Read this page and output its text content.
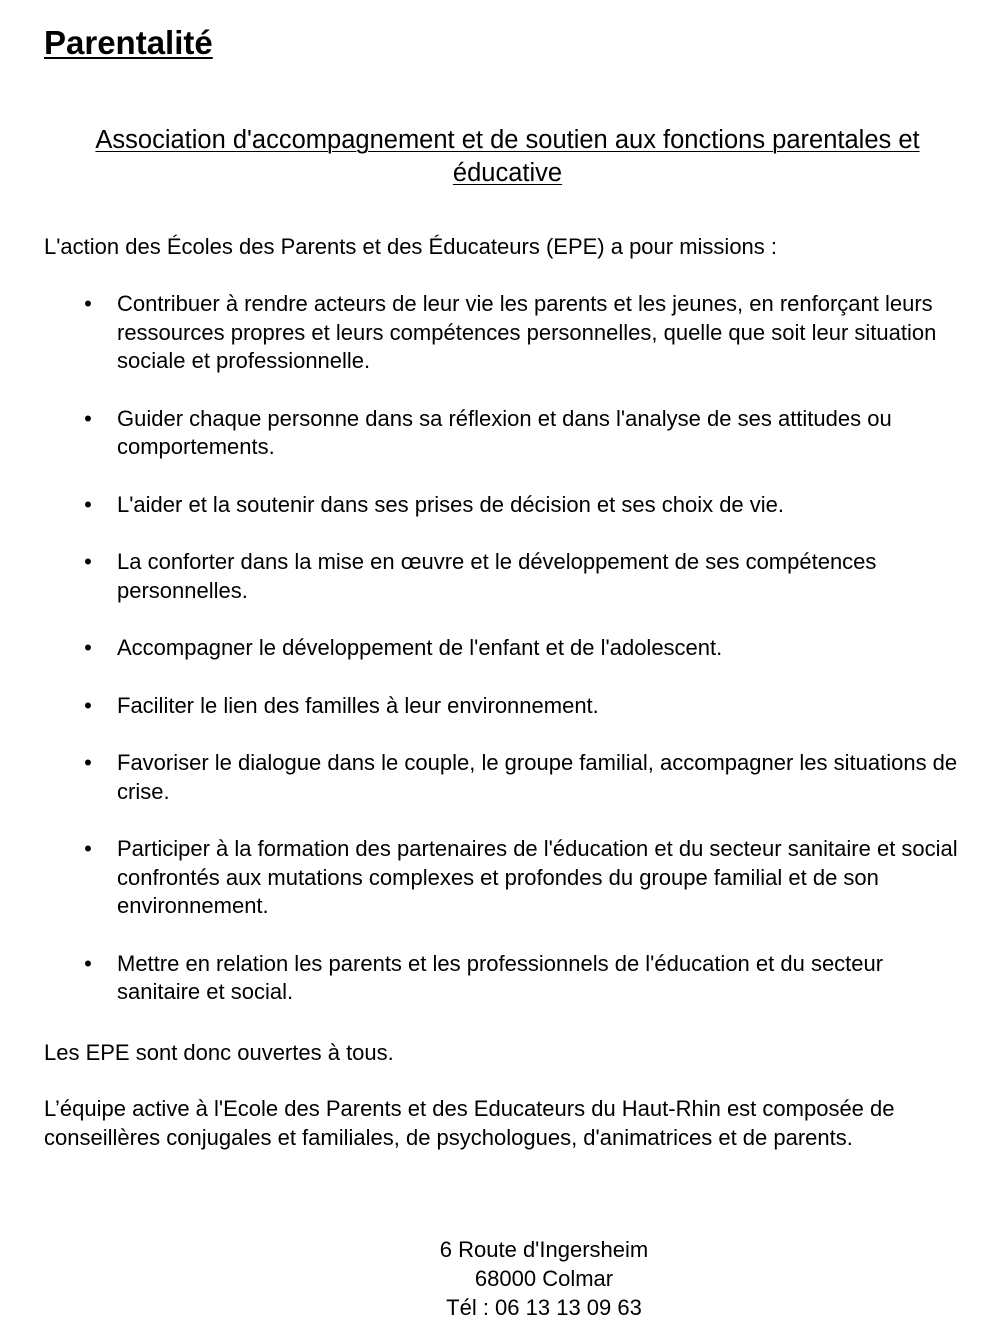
Parentalité
Association d'accompagnement et de soutien aux fonctions parentales et éducative

L'action des Écoles des Parents et des Éducateurs (EPE) a pour missions :

• Contribuer à rendre acteurs de leur vie les parents et les jeunes, en renforçant leurs ressources propres et leurs compétences personnelles, quelle que soit leur situation sociale et professionnelle.
• Guider chaque personne dans sa réflexion et dans l'analyse de ses attitudes ou comportements.
• L'aider et la soutenir dans ses prises de décision et ses choix de vie.
• La conforter dans la mise en œuvre et le développement de ses compétences personnelles.
• Accompagner le développement de l'enfant et de l'adolescent.
• Faciliter le lien des familles à leur environnement.
• Favoriser le dialogue dans le couple, le groupe familial, accompagner les situations de crise.
• Participer à la formation des partenaires de l'éducation et du secteur sanitaire et social confrontés aux mutations complexes et profondes du groupe familial et de son environnement.
• Mettre en relation les parents et les professionnels de l'éducation et du secteur sanitaire et social.

Les EPE sont donc ouvertes à tous.

L’équipe active à l'Ecole des Parents et des Educateurs du Haut-Rhin est composée de conseillères conjugales et familiales, de psychologues, d'animatrices et de parents.

6 Route d'Ingersheim
68000 Colmar
Tél : 06 13 13 09 63
